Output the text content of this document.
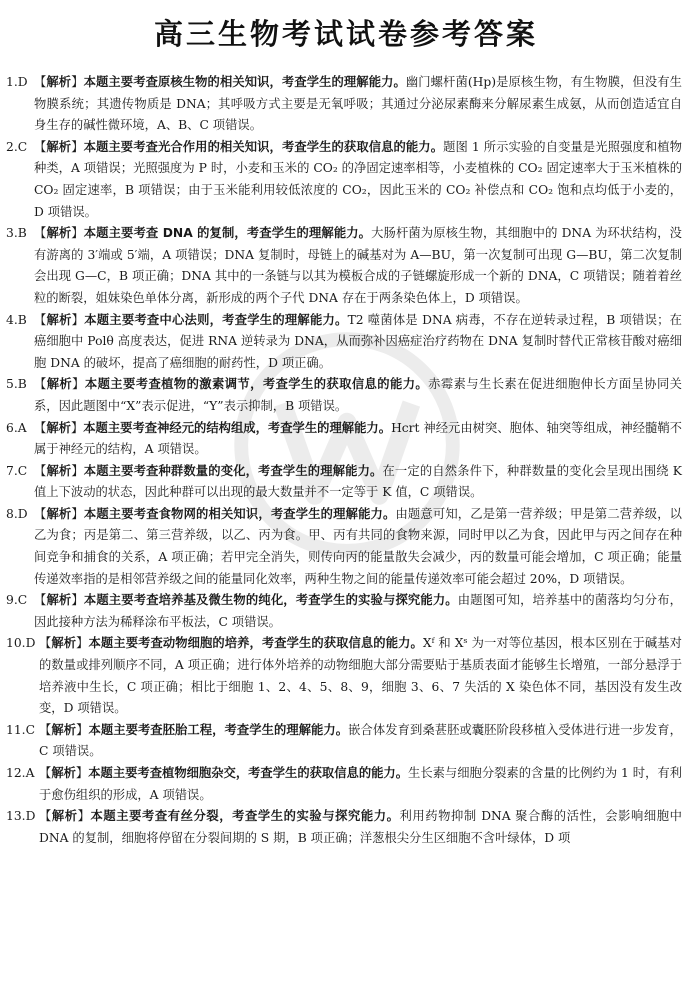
高三生物考试试卷参考答案
1.D 【解析】本题主要考查原核生物的相关知识，考查学生的理解能力。幽门螺杆菌(Hp)是原核生物，有生物膜，但没有生物膜系统；其遗传物质是 DNA；其呼吸方式主要是无氧呼吸；其通过分泌尿素酶来分解尿素生成氨，从而创造适宜自身生存的碱性微环境，A、B、C 项错误。
2.C 【解析】本题主要考查光合作用的相关知识，考查学生的获取信息的能力。题图 1 所示实验的自变量是光照强度和植物种类，A 项错误；光照强度为 P 时，小麦和玉米的 CO₂ 的净固定速率相等，小麦植株的 CO₂ 固定速率大于玉米植株的 CO₂ 固定速率，B 项错误；由于玉米能利用较低浓度的 CO₂，因此玉米的 CO₂ 补偿点和 CO₂ 饱和点均低于小麦的，D 项错误。
3.B 【解析】本题主要考查 DNA 的复制，考查学生的理解能力。大肠杆菌为原核生物，其细胞中的 DNA 为环状结构，没有游离的 3′端或 5′端，A 项错误；DNA 复制时，母链上的碱基对为 A—BU，第一次复制可出现 G—BU，第二次复制会出现 G—C，B 项正确；DNA 其中的一条链与以其为模板合成的子链螺旋形成一个新的 DNA，C 项错误；随着着丝粒的断裂，姐妹染色单体分离，新形成的两个子代 DNA 存在于两条染色体上，D 项错误。
4.B 【解析】本题主要考查中心法则，考查学生的理解能力。T2 噬菌体是 DNA 病毒，不存在逆转录过程，B 项错误；在癌细胞中 Polθ 高度表达，促进 RNA 逆转录为 DNA，从而弥补因癌症治疗药物在 DNA 复制时替代正常核苷酸对癌细胞 DNA 的破坏，提高了癌细胞的耐药性，D 项正确。
5.B 【解析】本题主要考查植物的激素调节，考查学生的获取信息的能力。赤霉素与生长素在促进细胞伸长方面呈协同关系，因此题图中“X”表示促进，“Y”表示抑制，B 项错误。
6.A 【解析】本题主要考查神经元的结构组成，考查学生的理解能力。Hcrt 神经元由树突、胞体、轴突等组成，神经髓鞘不属于神经元的结构，A 项错误。
7.C 【解析】本题主要考查种群数量的变化，考查学生的理解能力。在一定的自然条件下，种群数量的变化会呈现出围绕 K 值上下波动的状态，因此种群可以出现的最大数量并不一定等于 K 值，C 项错误。
8.D 【解析】本题主要考查食物网的相关知识，考查学生的理解能力。由题意可知，乙是第一营养级；甲是第二营养级，以乙为食；丙是第二、第三营养级，以乙、丙为食。甲、丙有共同的食物来源，同时甲以乙为食，因此甲与丙之间存在种间竞争和捕食的关系，A 项正确；若甲完全消失，则传向丙的能量散失会减少，丙的数量可能会增加，C 项正确；能量传递效率指的是相邻营养级之间的能量同化效率，两种生物之间的能量传递效率可能会超过 20%，D 项错误。
9.C 【解析】本题主要考查培养基及微生物的纯化，考查学生的实验与探究能力。由题图可知，培养基中的菌落均匀分布，因此接种方法为稀释涂布平板法，C 项错误。
10.D 【解析】本题主要考查动物细胞的培养，考查学生的获取信息的能力。Xᶠ 和 Xˢ 为一对等位基因，根本区别在于碱基对的数量或排列顺序不同，A 项正确；进行体外培养的动物细胞大部分需要贴于基质表面才能够生长增殖，一部分悬浮于培养液中生长，C 项正确；相比于细胞 1、2、4、5、8、9，细胞 3、6、7 失活的 X 染色体不同，基因没有发生改变，D 项错误。
11.C 【解析】本题主要考查胚胎工程，考查学生的理解能力。嵌合体发育到桑葚胚或囊胚阶段移植入受体进行进一步发育，C 项错误。
12.A 【解析】本题主要考查植物细胞杂交，考查学生的获取信息的能力。生长素与细胞分裂素的含量的比例约为 1 时，有利于愈伤组织的形成，A 项错误。
13.D 【解析】本题主要考查有丝分裂，考查学生的实验与探究能力。利用药物抑制 DNA 聚合酶的活性，会影响细胞中 DNA 的复制，细胞将停留在分裂间期的 S 期，B 项正确；洋葱根尖分生区细胞不含叶绿体，D 项
